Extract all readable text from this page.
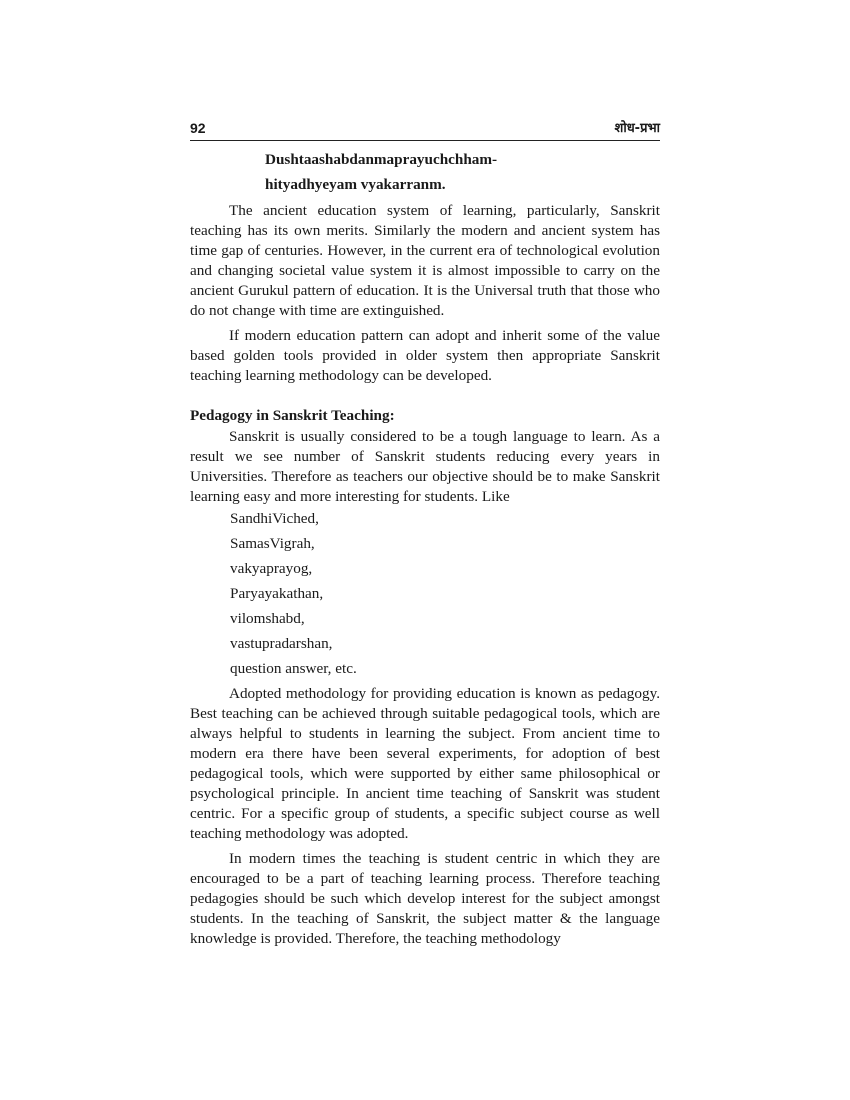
92	शोध-प्रभा
Dushtaashabdanmaprayuchchham-
hityadhyeyam vyakarranm.

The ancient education system of learning, particularly, Sanskrit teaching has its own merits. Similarly the modern and ancient system has time gap of centuries. However, in the current era of technological evolution and changing societal value system it is almost impossible to carry on the ancient Gurukul pattern of education. It is the Universal truth that those who do not change with time are extinguished.

If modern education pattern can adopt and inherit some of the value based golden tools provided in older system then appropriate Sanskrit teaching learning methodology can be developed.

Pedagogy in Sanskrit Teaching:

Sanskrit is usually considered to be a tough language to learn. As a result we see number of Sanskrit students reducing every years in Universities. Therefore as teachers our objective should be to make Sanskrit learning easy and more interesting for students. Like

SandhiViched,
SamasVigrah,
vakyaprayog,
Paryayakathan,
vilomshabd,
vastupradarshan,
question answer, etc.

Adopted methodology for providing education is known as pedagogy. Best teaching can be achieved through suitable pedagogical tools, which are always helpful to students in learning the subject. From ancient time to modern era there have been several experiments, for adoption of best pedagogical tools, which were supported by either same philosophical or psychological principle. In ancient time teaching of Sanskrit was student centric. For a specific group of students, a specific subject course as well teaching methodology was adopted.

In modern times the teaching is student centric in which they are encouraged to be a part of teaching learning process. Therefore teaching pedagogies should be such which develop interest for the subject amongst students. In the teaching of Sanskrit, the subject matter & the language knowledge is provided. Therefore, the teaching methodology
